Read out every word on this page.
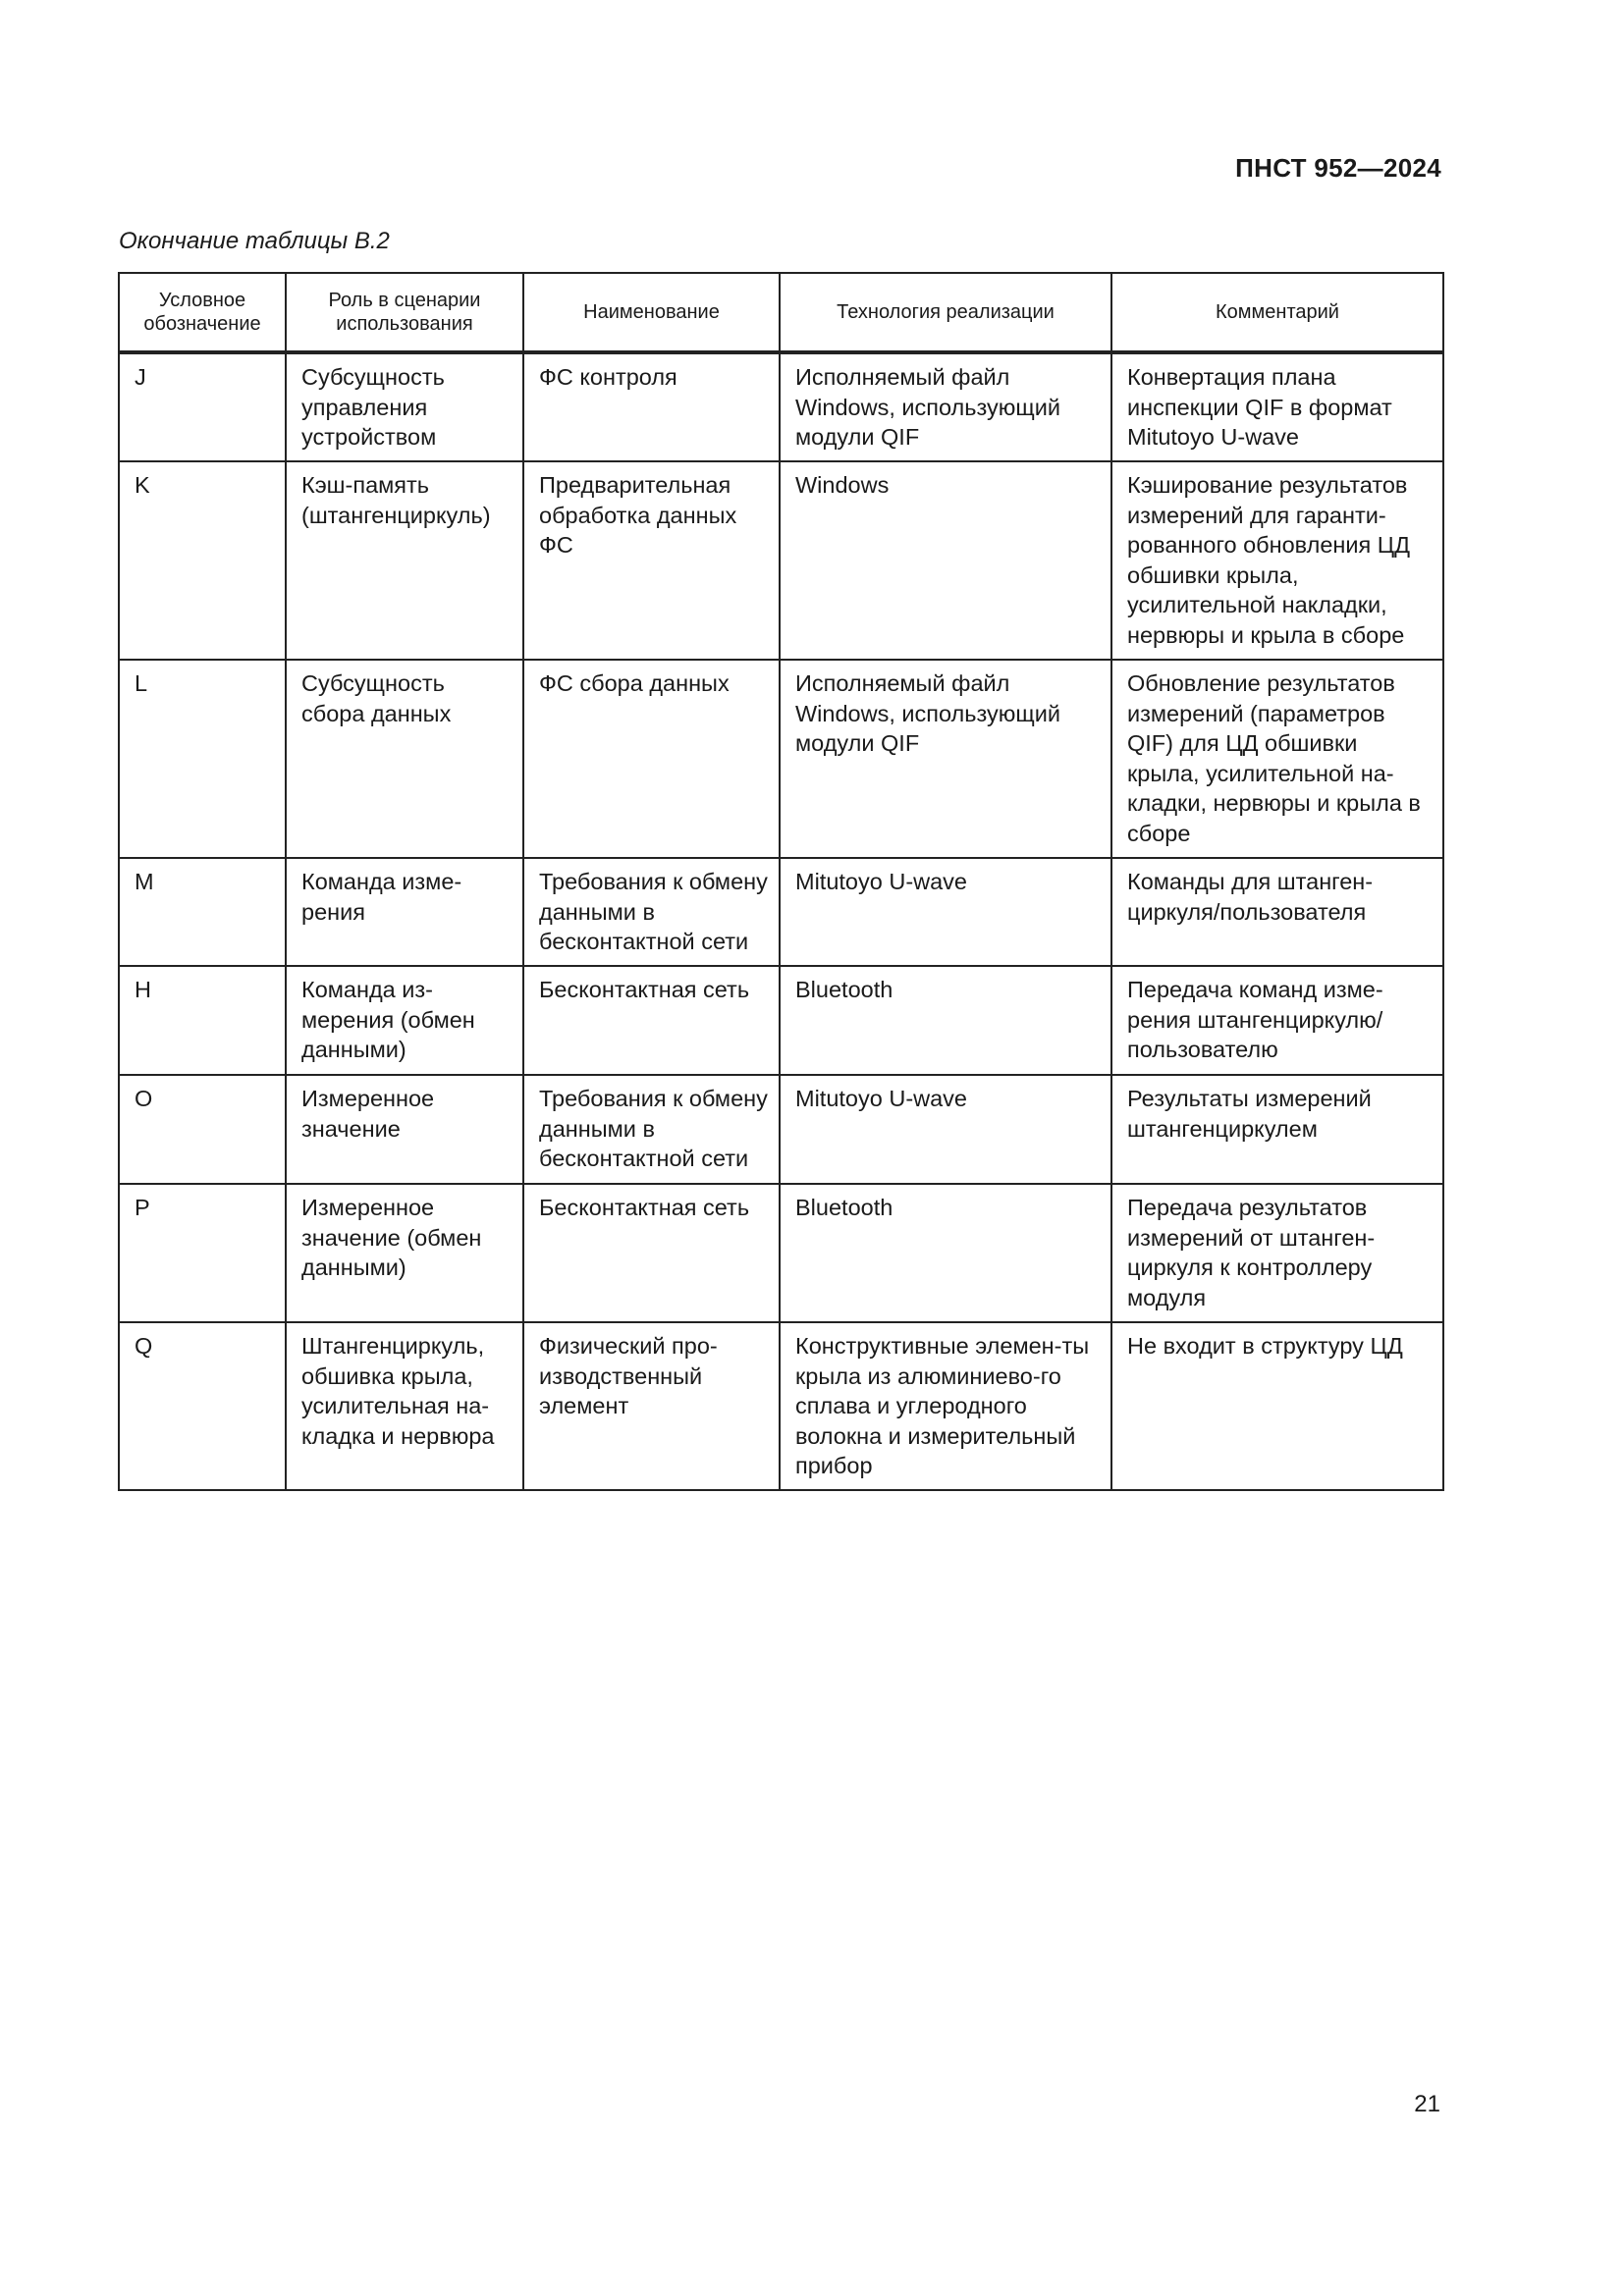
ПНСТ 952—2024
Окончание таблицы В.2
Условное обозначение	Роль в сценарии использования	Наименование	Технология реализации	Комментарий
J	Субсущность управления устройством	ФС контроля	Исполняемый файл Windows, использующий модули QIF	Конвертация плана инспекции QIF в формат Mitutoyo U-wave
K	Кэш-память (штангенциркуль)	Предварительная обработка данных ФС	Windows	Кэширование результатов измерений для гаранти-рованного обновления ЦД обшивки крыла, усилительной накладки, нервюры и крыла в сборе
L	Субсущность сбора данных	ФС сбора данных	Исполняемый файл Windows, использующий модули QIF	Обновление результатов измерений (параметров QIF) для ЦД обшивки крыла, усилительной на-кладки, нервюры и крыла в сборе
M	Команда изме-рения	Требования к обмену данными в бесконтактной сети	Mitutoyo U-wave	Команды для штанген-циркуля/пользователя
H	Команда из-мерения (обмен данными)	Бесконтактная сеть	Bluetooth	Передача команд изме-рения штангенциркулю/ пользователю
O	Измеренное значение	Требования к обмену данными в бесконтактной сети	Mitutoyo U-wave	Результаты измерений штангенциркулем
P	Измеренное значение (обмен данными)	Бесконтактная сеть	Bluetooth	Передача результатов измерений от штанген-циркуля к контроллеру модуля
Q	Штангенциркуль, обшивка крыла, усилительная на-кладка и нервюра	Физический про-изводственный элемент	Конструктивные элемен-ты крыла из алюминиево-го сплава и углеродного волокна и измерительный прибор	Не входит в структуру ЦД
21
